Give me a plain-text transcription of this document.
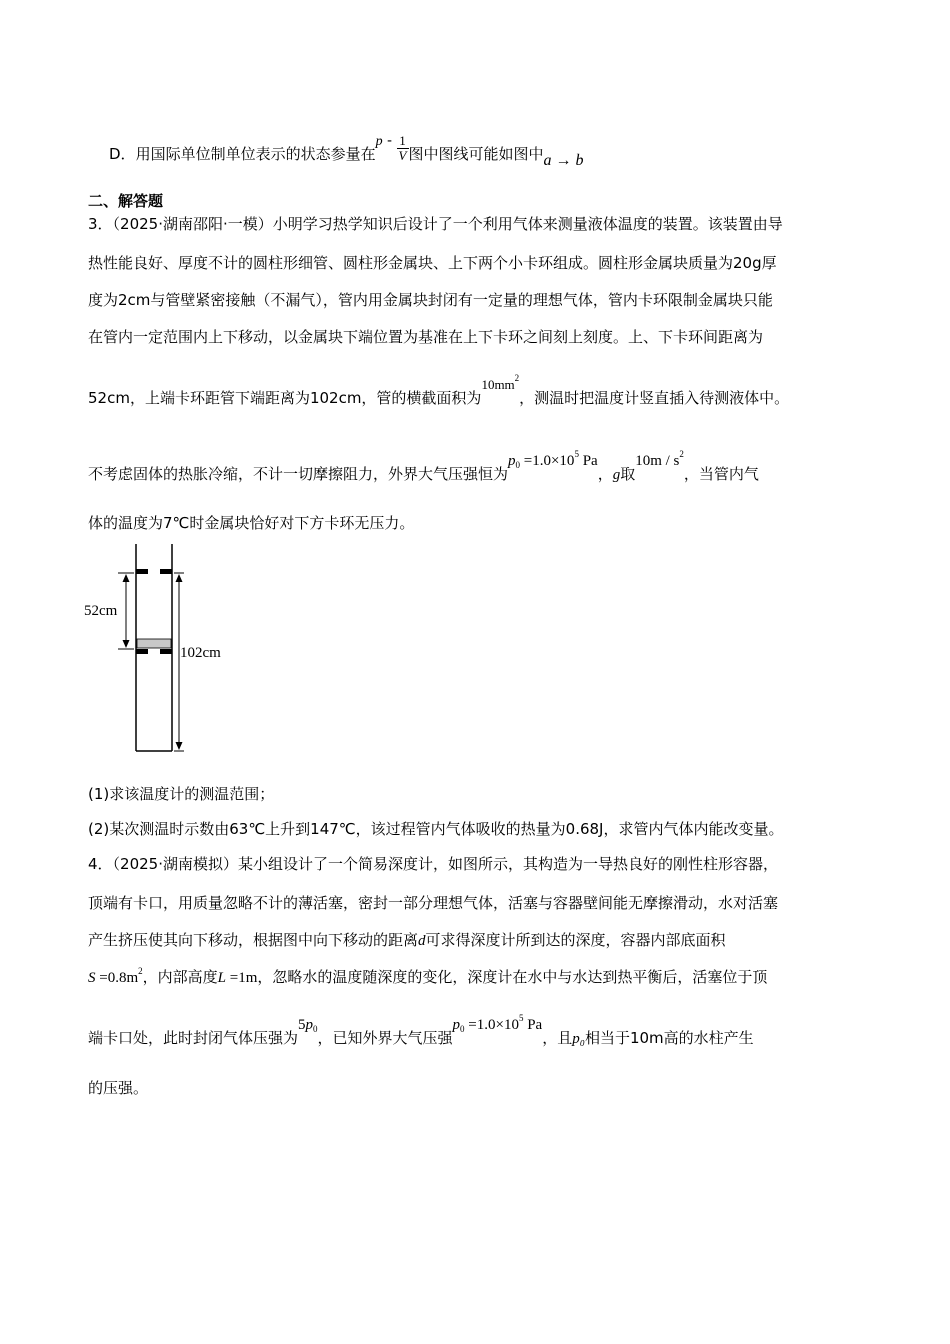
D．用国际单位制单位表示的状态参量在p - $\frac{1}{V}$ 图中图线可能如图中a → b
二、解答题
3．（2025·湖南邵阳·一模）小明学习热学知识后设计了一个利用气体来测量液体温度的装置。该装置由导
热性能良好、厚度不计的圆柱形细管、圆柱形金属块、上下两个小卡环组成。圆柱形金属块质量为20g厚
度为2cm与管壁紧密接触（不漏气），管内用金属块封闭有一定量的理想气体，管内卡环限制金属块只能
在管内一定范围内上下移动，以金属块下端位置为基准在上下卡环之间刻上刻度。上、下卡环间距离为
52cm，上端卡环距管下端距离为102cm，管的横截面积为$10mm^2$，测温时把温度计竖直插入待测液体中。
不考虑固体的热胀冷缩，不计一切摩擦阻力，外界大气压强恒为$p_0 =1.0\times 10^5$ Pa，g取$10m / s^2$，当管内气
体的温度为7℃时金属块恰好对下方卡环无压力。
52cm
102cm
(1)求该温度计的测温范围；
(2)某次测温时示数由63℃上升到147℃，该过程管内气体吸收的热量为0.68J，求管内气体内能改变量。
4．（2025·湖南模拟）某小组设计了一个简易深度计，如图所示，其构造为一导热良好的刚性柱形容器，
顶端有卡口，用质量忽略不计的薄活塞，密封一部分理想气体，活塞与容器壁间能无摩擦滑动，水对活塞
产生挤压使其向下移动，根据图中向下移动的距离d可求得深度计所到达的深度，容器内部底面积
$S =0.8m^2$，内部高度L =1m，忽略水的温度随深度的变化，深度计在水中与水达到热平衡后，活塞位于顶
端卡口处，此时封闭气体压强为$5p_0$，已知外界大气压强$p_0 =1.0\times 10^5$ Pa，且p₀相当于10m高的水柱产生
的压强。
